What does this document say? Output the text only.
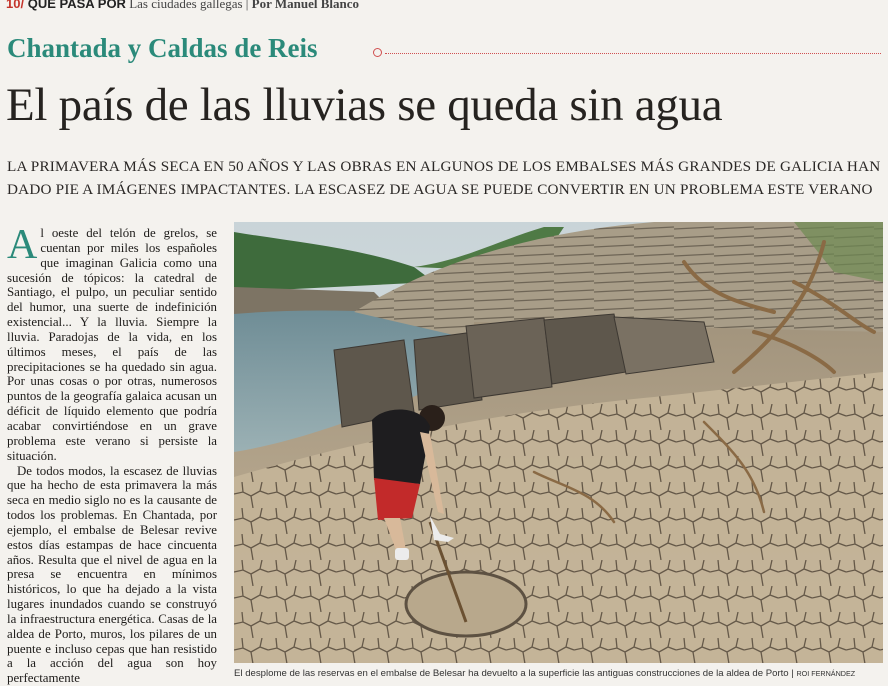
10/ QUE PASA POR Las ciudades gallegas | Por Manuel Blanco
Chantada y Caldas de Reis
El país de las lluvias se queda sin agua
LA PRIMAVERA MÁS SECA EN 50 AÑOS Y LAS OBRAS EN ALGUNOS DE LOS EMBALSES MÁS GRANDES DE GALICIA HAN DADO PIE A IMÁGENES IMPACTANTES. LA ESCASEZ DE AGUA SE PUEDE CONVERTIR EN UN PROBLEMA ESTE VERANO

Al oeste del telón de grelos, se cuentan por miles los españoles que imaginan Galicia como una sucesión de tópicos: la catedral de Santiago, el pulpo, un peculiar sentido del humor, una suerte de indefinición existencial... Y la lluvia. Siempre la lluvia. Paradojas de la vida, en los últimos meses, el país de las precipitaciones se ha quedado sin agua. Por unas cosas o por otras, numerosos puntos de la geografía galaica acusan un déficit de líquido elemento que podría acabar convirtiéndose en un grave problema este verano si persiste la situación.

De todos modos, la escasez de lluvias que ha hecho de esta primavera la más seca en medio siglo no es la causante de todos los problemas. En Chantada, por ejemplo, el embalse de Belesar revive estos días estampas de hace cincuenta años. Resulta que el nivel de agua en la presa se encuentra en mínimos históricos, lo que ha dejado a la vista lugares inundados cuando se construyó la infraestructura energética. Casas de la aldea de Porto, muros, los pilares de un puente e incluso cepas que han resistido a la acción del agua son hoy perfectamente	El desplome de las reservas en el embalse de Belesar ha devuelto a la superficie las antiguas construcciones de la aldea de Porto | ROI FERNÁNDEZ
